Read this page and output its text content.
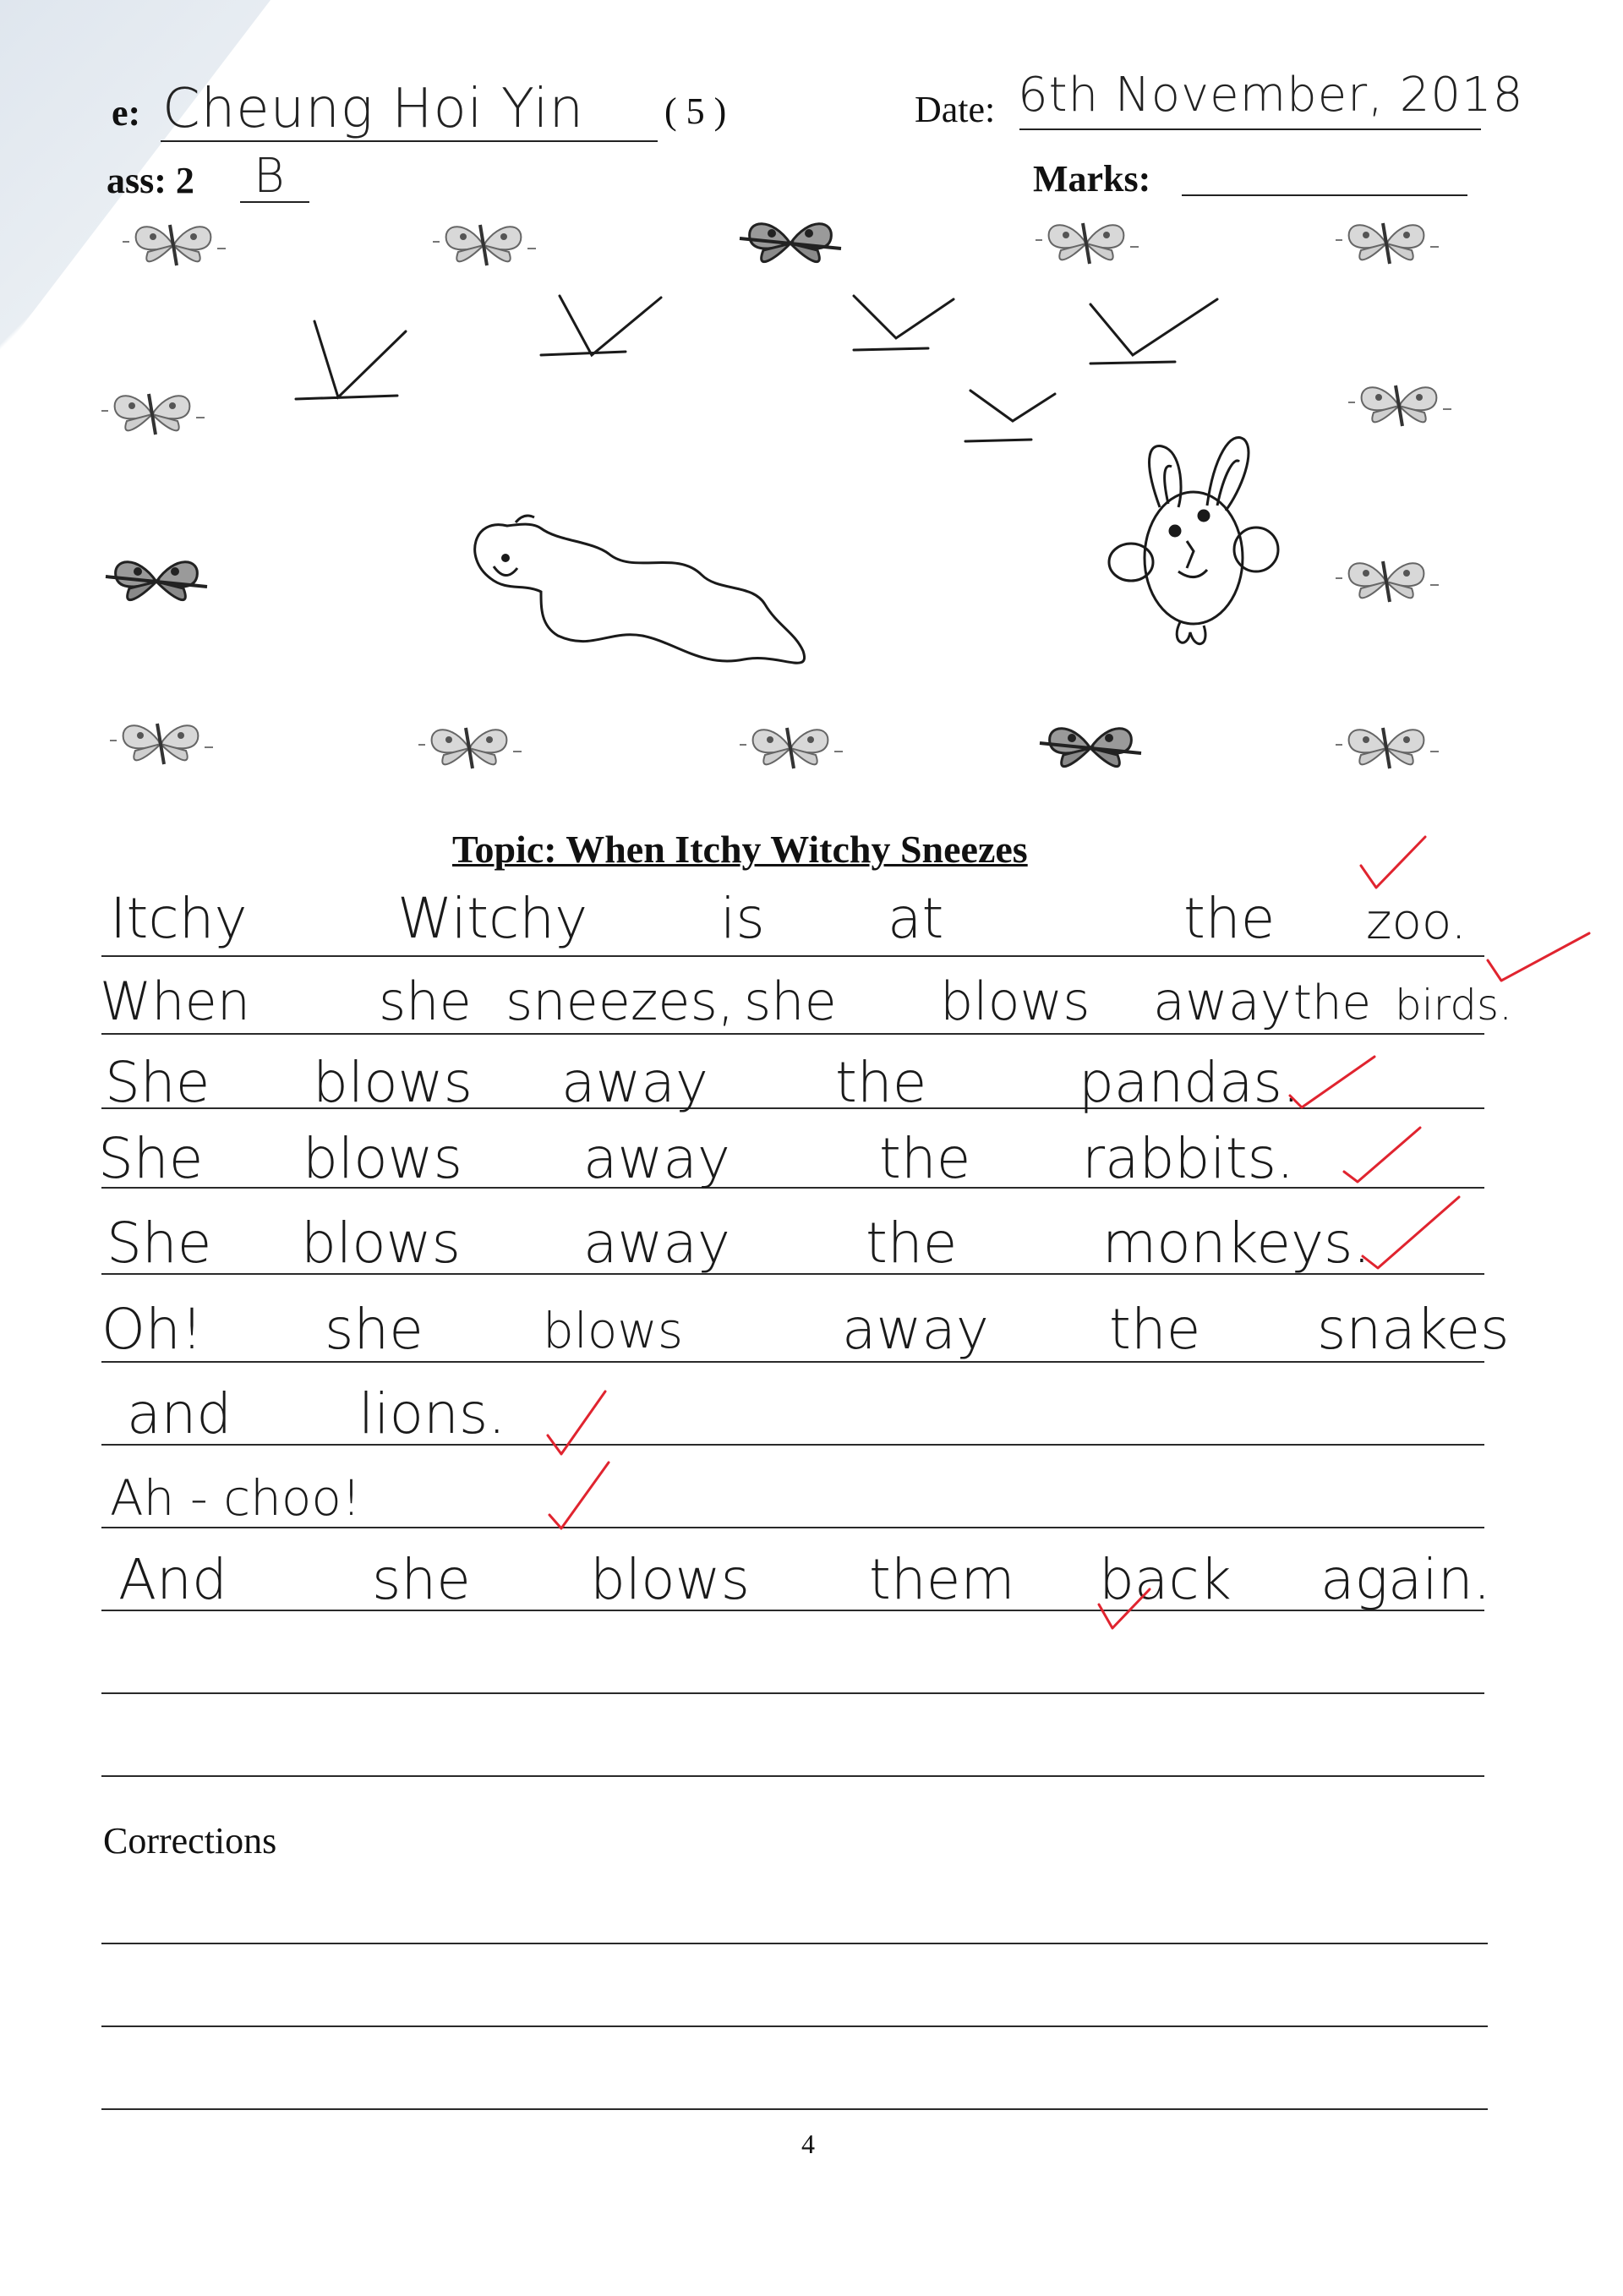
e: Cheung Hoi Yin ( 5 )	Date: 6th November, 2018
ass: 2 B	Marks:
Topic: When Itchy Witchy Sneezes
Itchy	Witchy is at	the zoo.
When she sneezes, she blows away the birds.
She blows away the	pandas.
She blows away	the rabbits.
She blows away the	monkeys.
Oh! she blows	away the snakes
and lions.
Ah - choo!
And	she blows them back again.
Corrections
4
